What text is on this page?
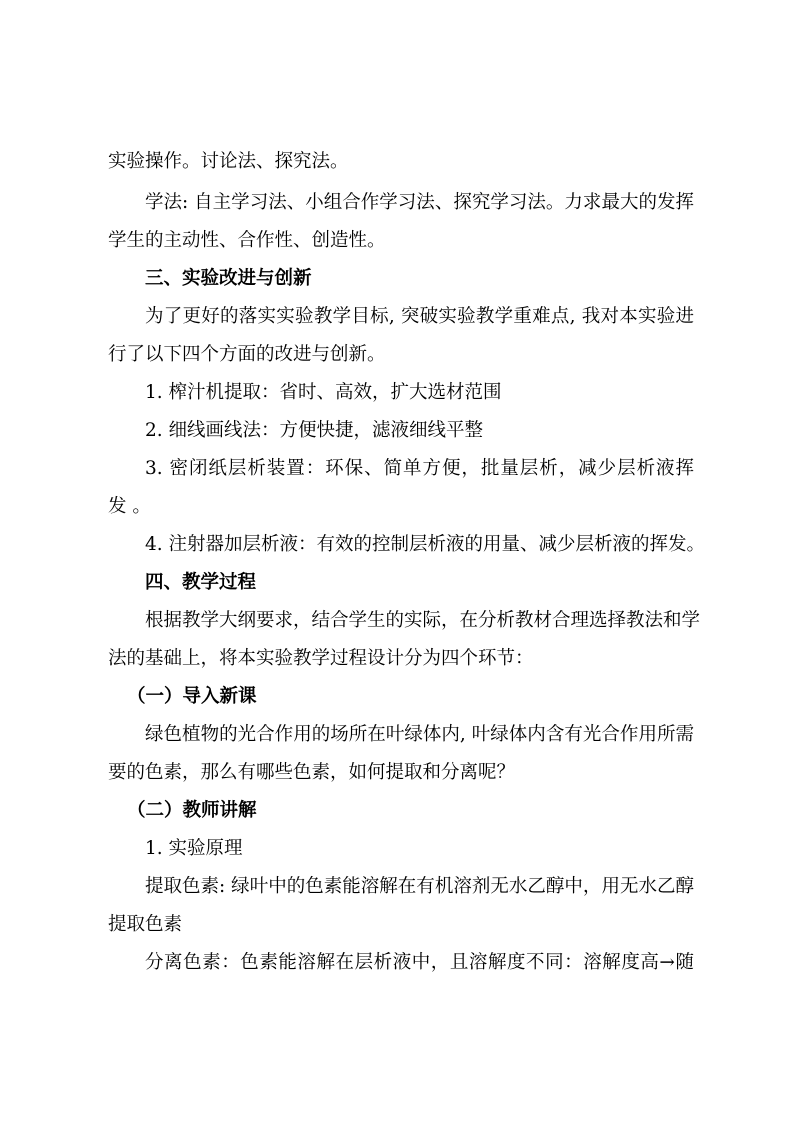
实验操作。讨论法、探究法。
学法: 自主学习法、小组合作学习法、探究学习法。力求最大的发挥
学生的主动性、合作性、创造性。
三、实验改进与创新
为了更好的落实实验教学目标, 突破实验教学重难点, 我对本实验进
行了以下四个方面的改进与创新。
1. 榨汁机提取：省时、高效，扩大选材范围
2. 细线画线法：方便快捷，滤液细线平整
3. 密闭纸层析装置：环保、简单方便，批量层析，减少层析液挥
发 。
4. 注射器加层析液：有效的控制层析液的用量、减少层析液的挥发。
四、教学过程
根据教学大纲要求，结合学生的实际，在分析教材合理选择教法和学
法的基础上，将本实验教学过程设计分为四个环节：
（一）导入新课
绿色植物的光合作用的场所在叶绿体内, 叶绿体内含有光合作用所需
要的色素，那么有哪些色素，如何提取和分离呢？
（二）教师讲解
1. 实验原理
提取色素: 绿叶中的色素能溶解在有机溶剂无水乙醇中，用无水乙醇
提取色素
分离色素：色素能溶解在层析液中，且溶解度不同：溶解度高→随
